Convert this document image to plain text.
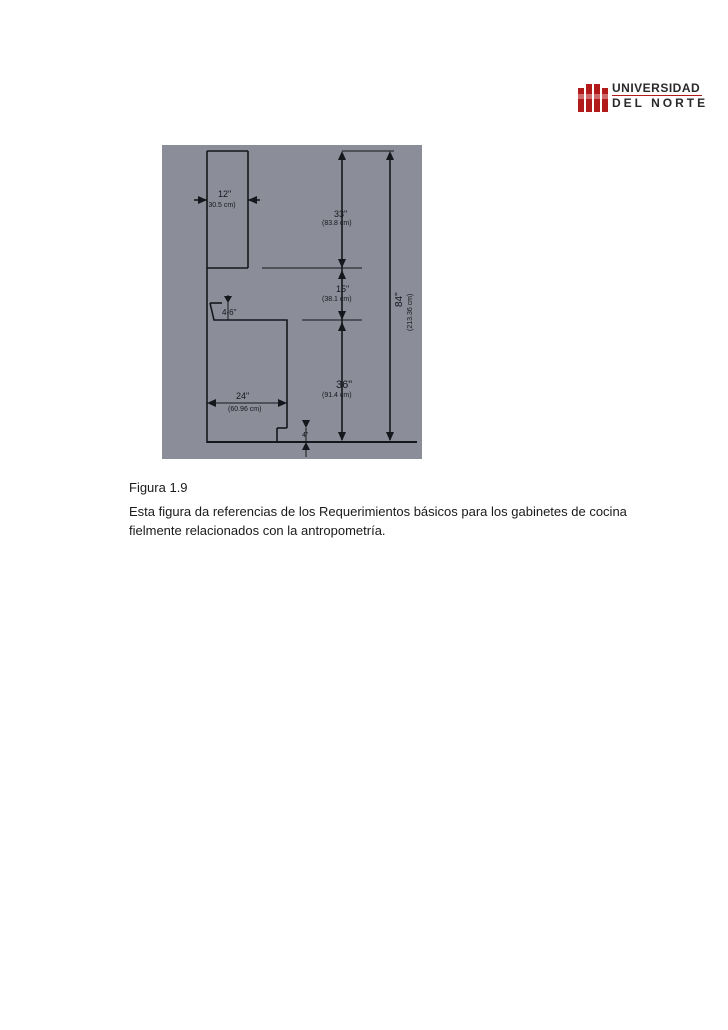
UNIVERSIDAD
DEL NORTE
12"
(30.5 cm)
33"
(83.8 cm)
15"
(38.1 cm)
4-6"
36"
(91.4 cm)
24"
(60.96 cm)
4"
84" (213.36 cm)
Figura 1.9
Esta figura da referencias de los Requerimientos básicos para los gabinetes de cocina fielmente relacionados con la antropometría.
